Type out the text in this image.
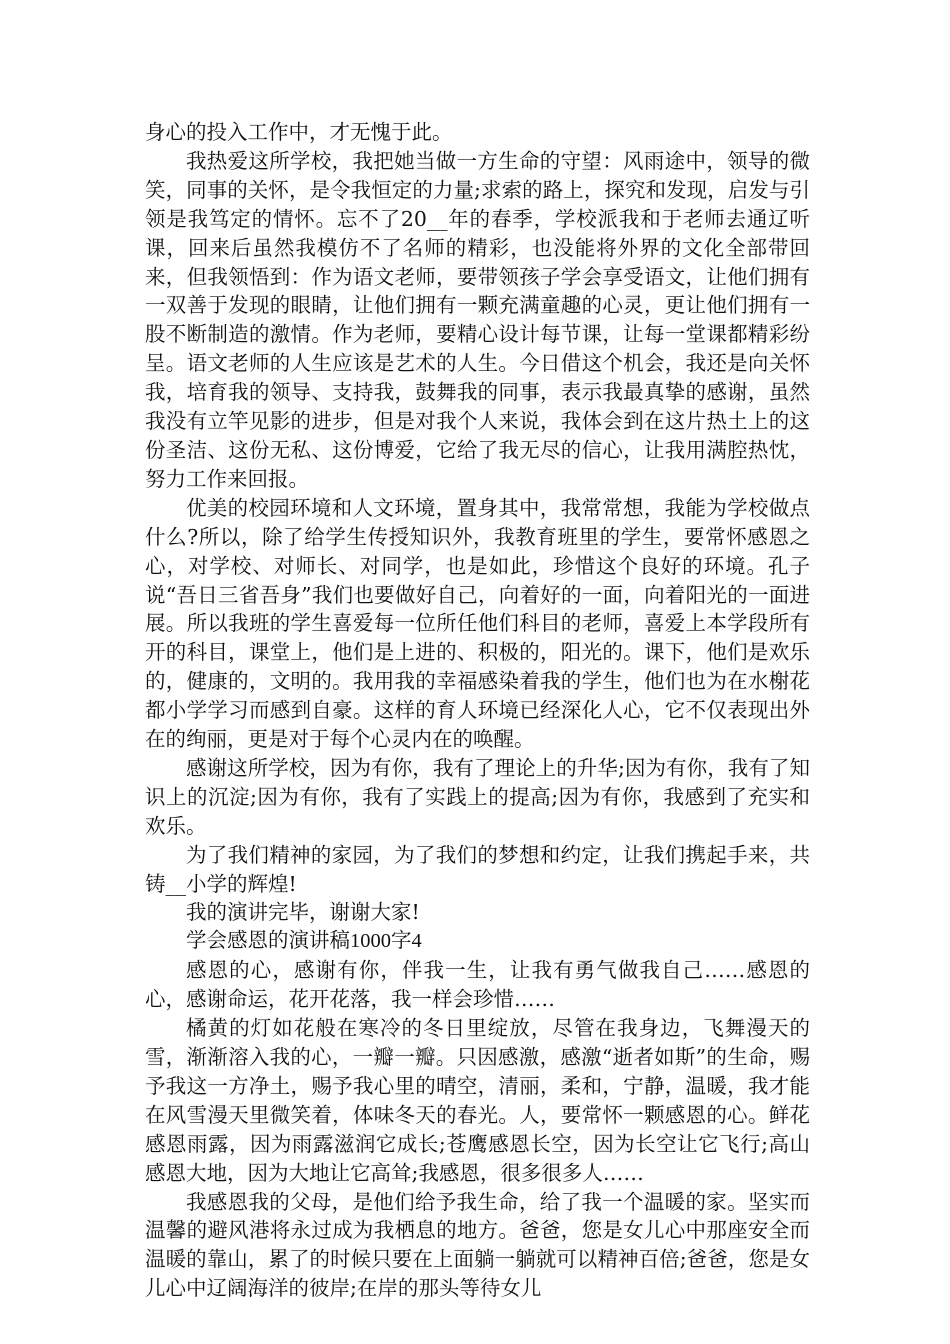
身心的投入工作中，才无愧于此。

我热爱这所学校，我把她当做一方生命的守望：风雨途中，领导的微笑，同事的关怀，是令我恒定的力量;求索的路上，探究和发现，启发与引领是我笃定的情怀。忘不了20__年的春季，学校派我和于老师去通辽听课，回来后虽然我模仿不了名师的精彩，也没能将外界的文化全部带回来，但我领悟到：作为语文老师，要带领孩子学会享受语文，让他们拥有一双善于发现的眼睛，让他们拥有一颗充满童趣的心灵，更让他们拥有一股不断制造的激情。作为老师，要精心设计每节课，让每一堂课都精彩纷呈。语文老师的人生应该是艺术的人生。今日借这个机会，我还是向关怀我，培育我的领导、支持我，鼓舞我的同事，表示我最真挚的感谢，虽然我没有立竿见影的进步，但是对我个人来说，我体会到在这片热土上的这份圣洁、这份无私、这份博爱，它给了我无尽的信心，让我用满腔热忱，努力工作来回报。

优美的校园环境和人文环境，置身其中，我常常想，我能为学校做点什么?所以，除了给学生传授知识外，我教育班里的学生，要常怀感恩之心，对学校、对师长、对同学，也是如此，珍惜这个良好的环境。孔子说“吾日三省吾身”我们也要做好自己，向着好的一面，向着阳光的一面进展。所以我班的学生喜爱每一位所任他们科目的老师，喜爱上本学段所有开的科目，课堂上，他们是上进的、积极的，阳光的。课下，他们是欢乐的，健康的，文明的。我用我的幸福感染着我的学生，他们也为在水榭花都小学学习而感到自豪。这样的育人环境已经深化人心，它不仅表现出外在的绚丽，更是对于每个心灵内在的唤醒。

感谢这所学校，因为有你，我有了理论上的升华;因为有你，我有了知识上的沉淀;因为有你，我有了实践上的提高;因为有你，我感到了充实和欢乐。

为了我们精神的家园，为了我们的梦想和约定，让我们携起手来，共铸__小学的辉煌!

我的演讲完毕，谢谢大家!

学会感恩的演讲稿1000字4

感恩的心，感谢有你，伴我一生，让我有勇气做我自己……感恩的心，感谢命运，花开花落，我一样会珍惜……

橘黄的灯如花般在寒冷的冬日里绽放，尽管在我身边，飞舞漫天的雪，渐渐溶入我的心，一瓣一瓣。只因感激，感激“逝者如斯”的生命，赐予我这一方净土，赐予我心里的晴空，清丽，柔和，宁静，温暖，我才能在风雪漫天里微笑着，体味冬天的春光。人，要常怀一颗感恩的心。鲜花感恩雨露，因为雨露滋润它成长;苍鹰感恩长空，因为长空让它飞行;高山感恩大地，因为大地让它高耸;我感恩，很多很多人……

我感恩我的父母，是他们给予我生命，给了我一个温暖的家。坚实而温馨的避风港将永过成为我栖息的地方。爸爸，您是女儿心中那座安全而温暖的靠山，累了的时候只要在上面躺一躺就可以精神百倍;爸爸，您是女儿心中辽阔海洋的彼岸;在岸的那头等待女儿
